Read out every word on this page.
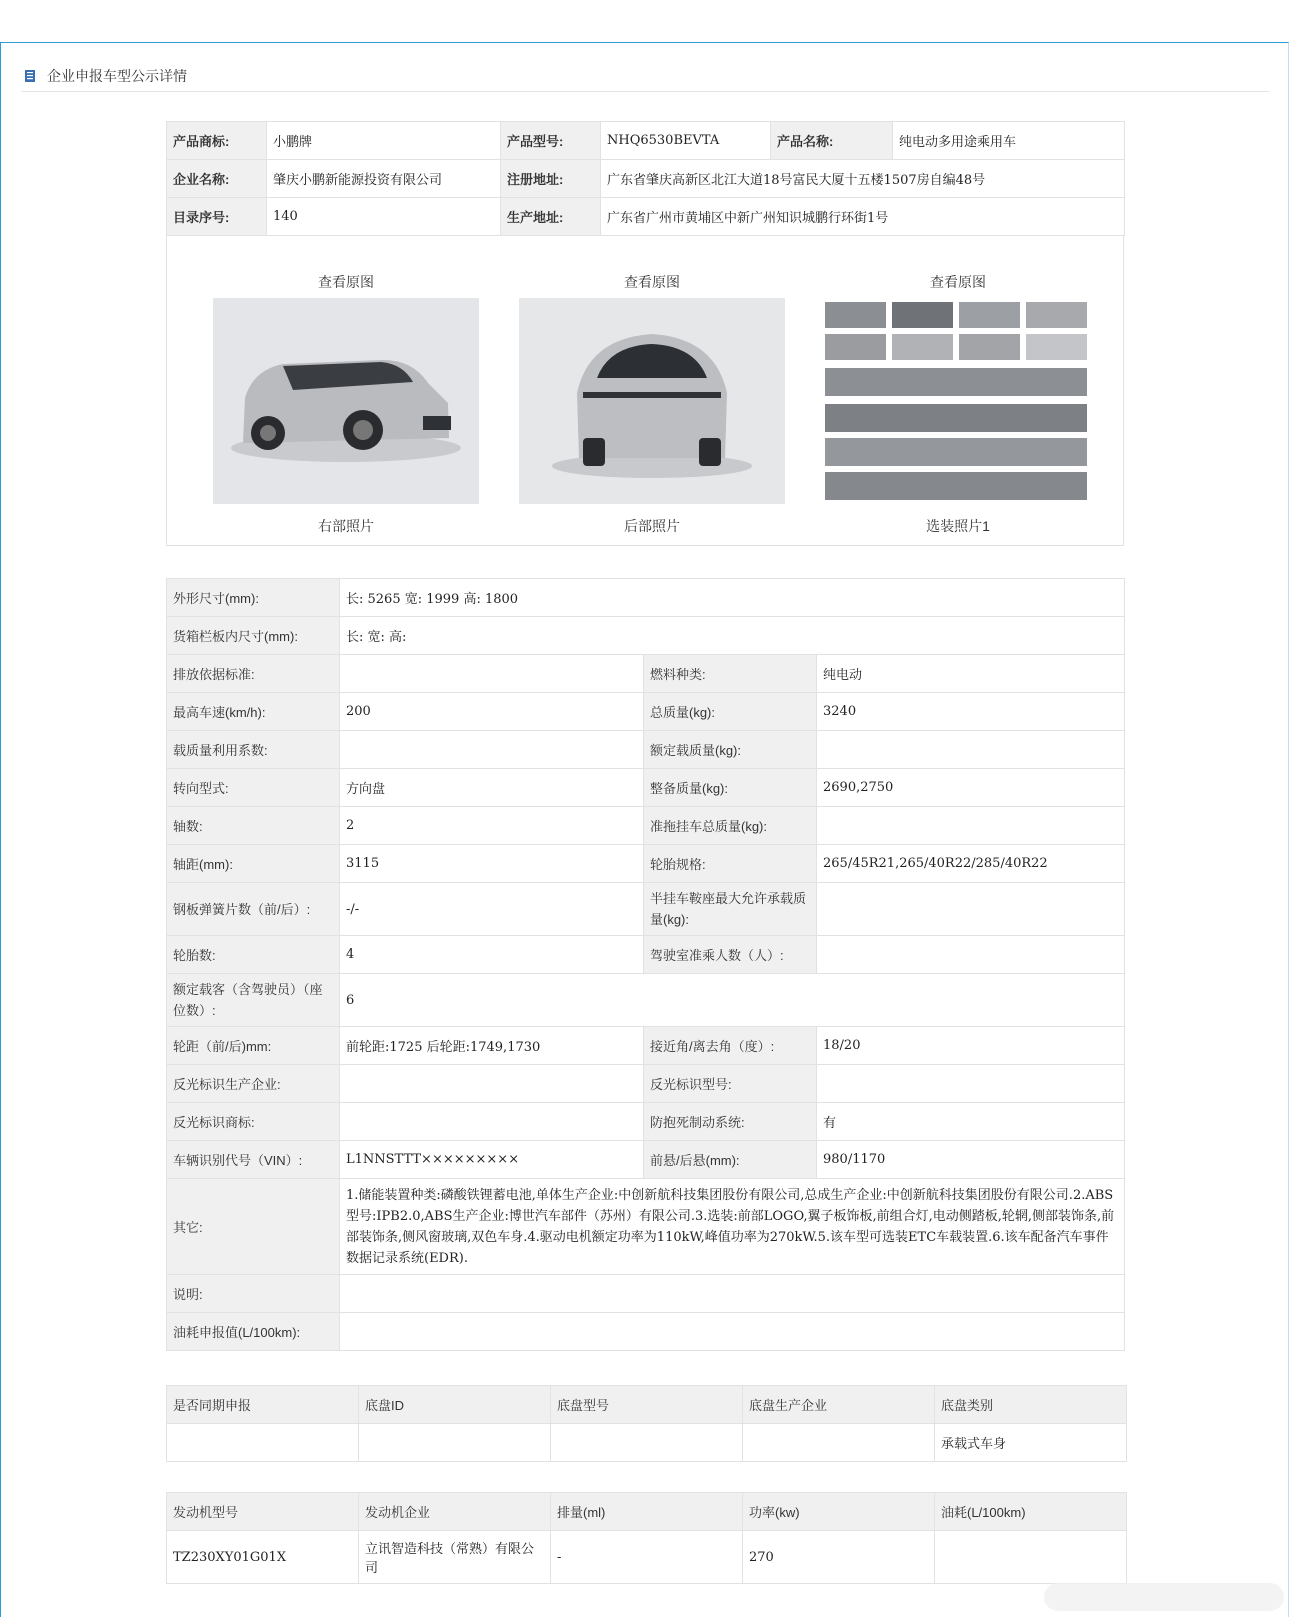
企业申报车型公示详情
产品商标:	小鹏牌	产品型号:	NHQ6530BEVTA	产品名称:	纯电动多用途乘用车
企业名称:	肇庆小鹏新能源投资有限公司	注册地址:	广东省肇庆高新区北江大道18号富民大厦十五楼1507房自编48号		
目录序号:	140	生产地址:	广东省广州市黄埔区中新广州知识城鹏行环街1号		
查看原图
右部照片
查看原图
后部照片
查看原图
选装照片1
外形尺寸(mm):	长: 5265 宽: 1999 高: 1800		
货箱栏板内尺寸(mm):	长: 宽: 高:		
排放依据标准:		燃料种类:	纯电动
最高车速(km/h):	200	总质量(kg):	3240
载质量利用系数:		额定载质量(kg):	
转向型式:	方向盘	整备质量(kg):	2690,2750
轴数:	2	准拖挂车总质量(kg):	
轴距(mm):	3115	轮胎规格:	265/45R21,265/40R22/285/40R22
钢板弹簧片数（前/后）:	-/-	半挂车鞍座最大允许承载质量(kg):	
轮胎数:	4	驾驶室准乘人数（人）:	
额定载客（含驾驶员）（座位数）:	6		
轮距（前/后)mm:	前轮距:1725 后轮距:1749,1730	接近角/离去角（度）:	18/20
反光标识生产企业:		反光标识型号:	
反光标识商标:		防抱死制动系统:	有
车辆识别代号（VIN）:	L1NNSTTT×××××××××	前悬/后悬(mm):	980/1170
其它:	1.储能装置种类:磷酸铁锂蓄电池,单体生产企业:中创新航科技集团股份有限公司,总成生产企业:中创新航科技集团股份有限公司.2.ABS型号:IPB2.0,ABS生产企业:博世汽车部件（苏州）有限公司.3.选装:前部LOGO,翼子板饰板,前组合灯,电动侧踏板,轮辋,侧部装饰条,前部装饰条,侧风窗玻璃,双色车身.4.驱动电机额定功率为110kW,峰值功率为270kW.5.该车型可选装ETC车载装置.6.该车配备汽车事件数据记录系统(EDR).		
说明:			
油耗申报值(L/100km):			
是否同期申报	底盘ID	底盘型号	底盘生产企业	底盘类别
				承载式车身
发动机型号	发动机企业	排量(ml)	功率(kw)	油耗(L/100km)
TZ230XY01G01X	立讯智造科技（常熟）有限公司	-	270	
